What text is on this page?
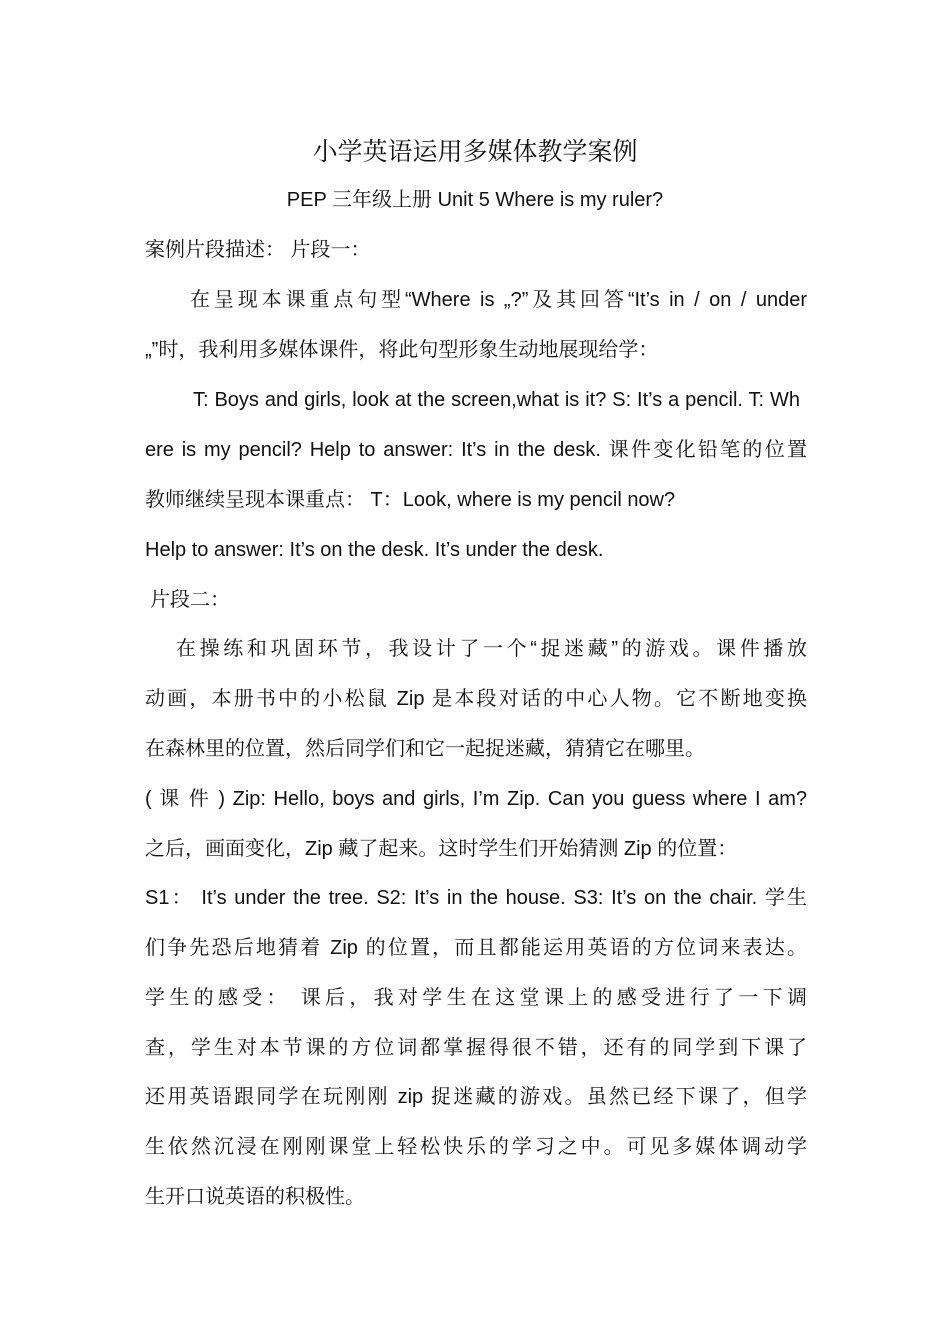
小学英语运用多媒体教学案例
PEP 三年级上册 Unit 5 Where is my ruler?
案例片段描述： 片段一：
在呈现本课重点句型“Where is „?”及其回答“It’s in / on / under
„”时，我利用多媒体课件，将此句型形象生动地展现给学：
T: Boys and girls, look at the screen,what is it? S: It’s a pencil. T: Wh
ere is my pencil? Help to answer: It’s in the desk. 课件变化铅笔的位置
教师继续呈现本课重点： T：Look, where is my pencil now?
Help to answer: It’s on the desk. It’s under the desk.
片段二：
在操练和巩固环节，我设计了一个“捉迷藏”的游戏。课件播放
动画，本册书中的小松鼠 Zip 是本段对话的中心人物。它不断地变换
在森林里的位置，然后同学们和它一起捉迷藏，猜猜它在哪里。
( 课 件 ) Zip: Hello, boys and girls, I’m Zip. Can you guess where I am?
之后，画面变化，Zip 藏了起来。这时学生们开始猜测 Zip 的位置：
S1： It’s under the tree. S2: It’s in the house. S3: It’s on the chair. 学生
们争先恐后地猜着 Zip 的位置，而且都能运用英语的方位词来表达。
学生的感受： 课后，我对学生在这堂课上的感受进行了一下调
查，学生对本节课的方位词都掌握得很不错，还有的同学到下课了
还用英语跟同学在玩刚刚 zip 捉迷藏的游戏。虽然已经下课了，但学
生依然沉浸在刚刚课堂上轻松快乐的学习之中。可见多媒体调动学
生开口说英语的积极性。
